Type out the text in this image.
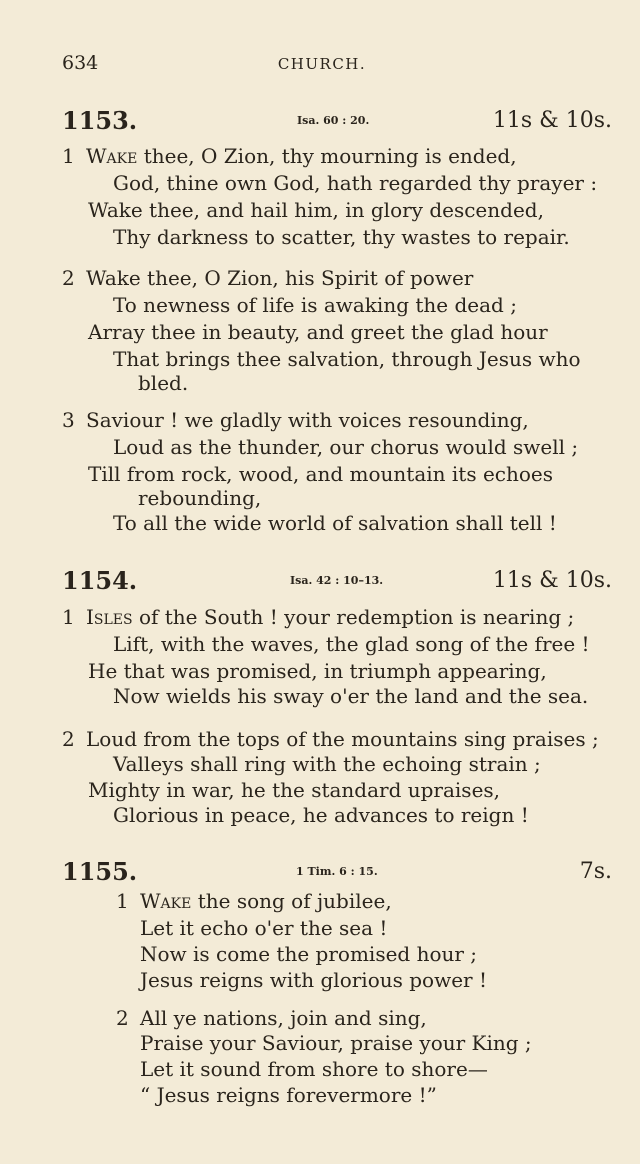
634	CHURCH.
1153.	Isa. 60 : 20.	11s & 10s.
1 Wake thee, O Zion, thy mourning is ended,
God, thine own God, hath regarded thy prayer :
Wake thee, and hail him, in glory descended,
Thy darkness to scatter, thy wastes to repair.
2 Wake thee, O Zion, his Spirit of power
To newness of life is awaking the dead ;
Array thee in beauty, and greet the glad hour
That brings thee salvation, through Jesus who
bled.
3 Saviour ! we gladly with voices resounding,
Loud as the thunder, our chorus would swell ;
Till from rock, wood, and mountain its echoes
rebounding,
To all the wide world of salvation shall tell !
1154.	Isa. 42 : 10–13.	11s & 10s.
1 Isles of the South ! your redemption is nearing ;
Lift, with the waves, the glad song of the free !
He that was promised, in triumph appearing,
Now wields his sway o'er the land and the sea.
2 Loud from the tops of the mountains sing praises ;
Valleys shall ring with the echoing strain ;
Mighty in war, he the standard upraises,
Glorious in peace, he advances to reign !
1155.	1 Tim. 6 : 15.	7s.
1 Wake the song of jubilee,
Let it echo o'er the sea !
Now is come the promised hour ;
Jesus reigns with glorious power !
2 All ye nations, join and sing,
Praise your Saviour, praise your King ;
Let it sound from shore to shore—
“ Jesus reigns forevermore !”
